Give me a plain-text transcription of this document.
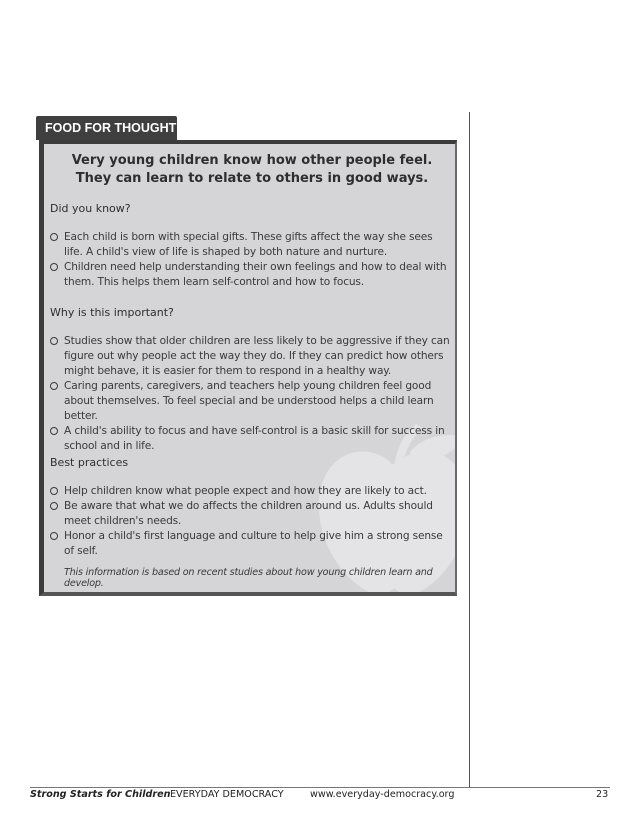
FOOD FOR THOUGHT
Very young children know how other people feel. They can learn to relate to others in good ways.
Did you know?
Each child is born with special gifts. These gifts affect the way she sees life. A child's view of life is shaped by both nature and nurture.
Children need help understanding their own feelings and how to deal with them. This helps them learn self-control and how to focus.
Why is this important?
Studies show that older children are less likely to be aggressive if they can figure out why people act the way they do. If they can predict how others might behave, it is easier for them to respond in a healthy way.
Caring parents, caregivers, and teachers help young children feel good about themselves. To feel special and be understood helps a child learn better.
A child's ability to focus and have self-control is a basic skill for success in school and in life.
Best practices
Help children know what people expect and how they are likely to act.
Be aware that what we do affects the children around us. Adults should meet children's needs.
Honor a child's first language and culture to help give him a strong sense of self.
This information is based on recent studies about how young children learn and develop.
Strong Starts for Children EVERYDAY DEMOCRACY	www.everyday-democracy.org	23
